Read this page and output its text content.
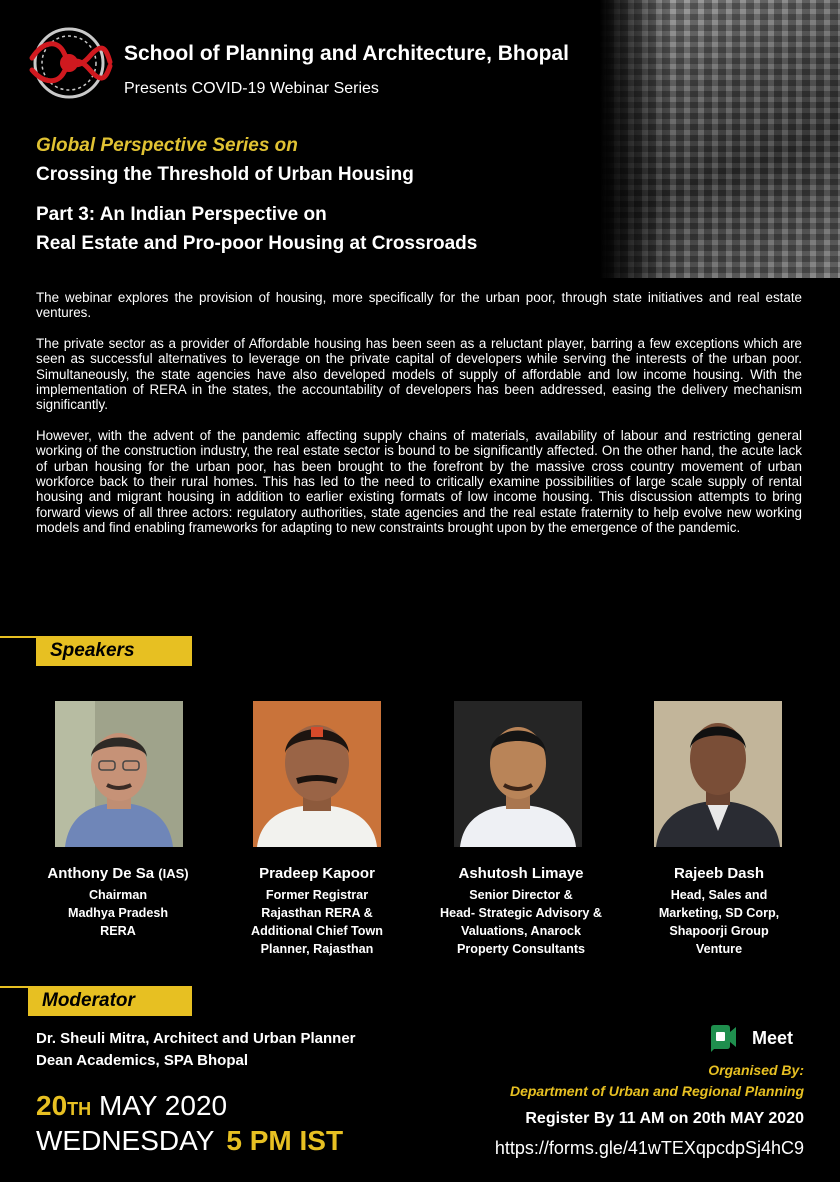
School of Planning and Architecture, Bhopal
Presents COVID-19 Webinar Series
Global Perspective Series on
Crossing the Threshold of Urban Housing
Part 3: An Indian Perspective on
Real Estate and Pro-poor Housing at Crossroads

The webinar explores the provision of housing, more specifically for the urban poor, through state initiatives and real estate ventures.

The private sector as a provider of Affordable housing has been seen as a reluctant player, barring a few exceptions which are seen as successful alternatives to leverage on the private capital of developers while serving the interests of the urban poor. Simultaneously, the state agencies have also developed models of supply of affordable and low income housing. With the implementation of RERA in the states, the accountability of developers has been addressed, easing the delivery mechanism significantly.

However, with the advent of the pandemic affecting supply chains of materials, availability of labour and restricting general working of the construction industry, the real estate sector is bound to be significantly affected. On the other hand, the acute lack of urban housing for the urban poor, has been brought to the forefront by the massive cross country movement of urban workforce back to their rural homes. This has led to the need to critically examine possibilities of large scale supply of rental housing and migrant housing in addition to earlier existing formats of low income housing. This discussion attempts to bring forward views of all three actors: regulatory authorities, state agencies and the real estate fraternity to help evolve new working models and find enabling frameworks for adapting to new constraints brought upon by the emergence of the pandemic.

Speakers
Anthony De Sa (IAS)
Chairman
Madhya Pradesh
RERA
Pradeep Kapoor
Former Registrar
Rajasthan RERA &
Additional Chief Town
Planner, Rajasthan
Ashutosh Limaye
Senior Director &
Head- Strategic Advisory &
Valuations, Anarock
Property Consultants
Rajeeb Dash
Head, Sales and
Marketing, SD Corp,
Shapoorji Group
Venture
Moderator
Dr. Sheuli Mitra, Architect and Urban Planner
Dean Academics, SPA Bhopal
20TH MAY 2020
WEDNESDAY 5 PM IST
Meet
Organised By:
Department of Urban and Regional Planning
Register By 11 AM on 20th MAY 2020
https://forms.gle/41wTEXqpcdpSj4hC9
